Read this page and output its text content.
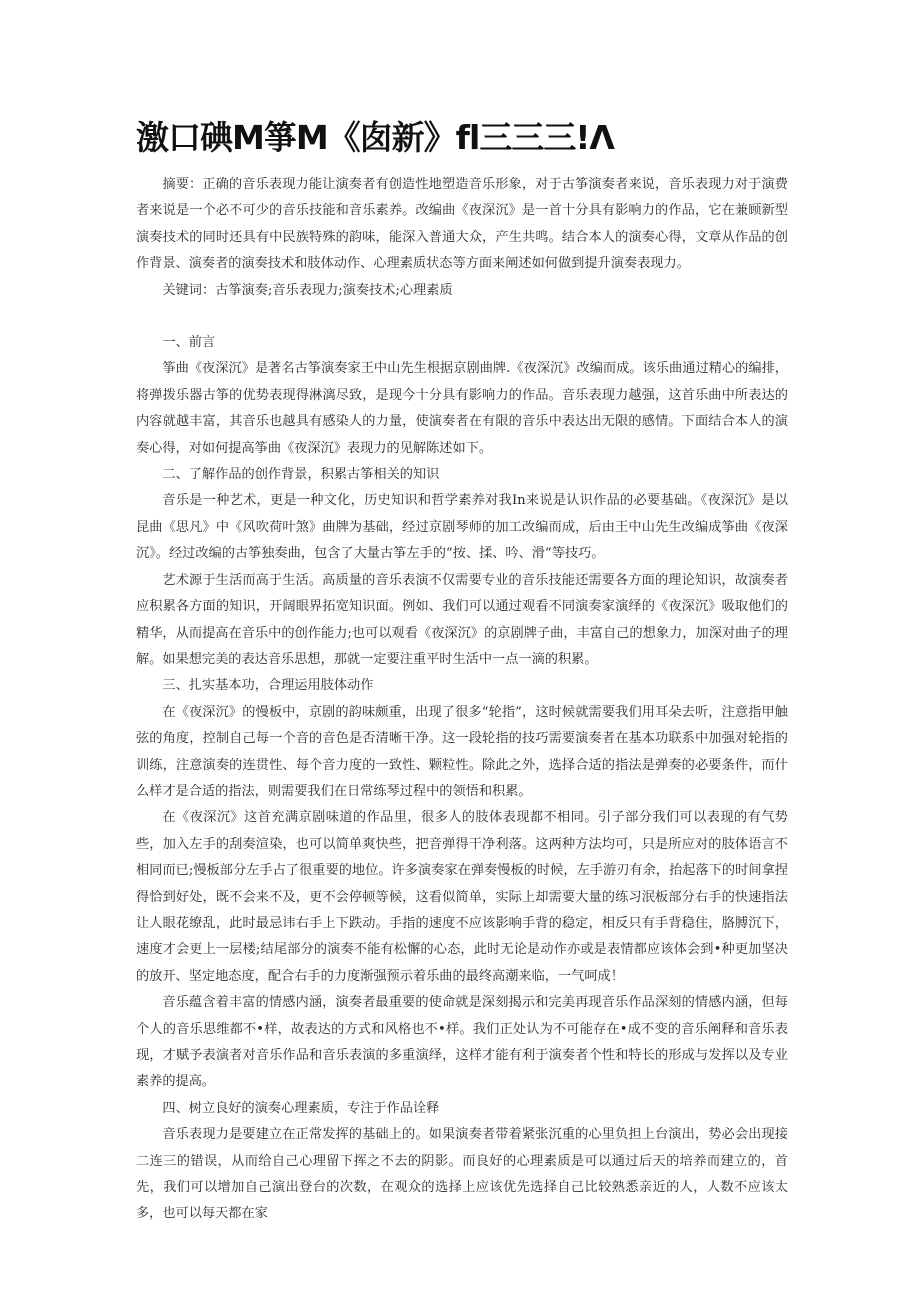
激口碘M箏M《囱新》fl三三三!Λ

摘要：正确的音乐表现力能让演奏者有创造性地塑造音乐形象，对于古筝演奏者来说，音乐表现力对于演费者来说是一个必不可少的音乐技能和音乐素养。改编曲《夜深沉》是一首十分具有影响力的作品，它在兼顾新型演奏技术的同时还具有中民族特殊的韵味，能深入普通大众，产生共鸣。结合本人的演奏心得，文章从作品的创作背景、演奏者的演奏技术和肢体动作、心理素质状态等方面来阐述如何做到提升演奏表现力。

关键词：古筝演奏;音乐表现力;演奏技术;心理素质

一、前言

筝曲《夜深沉》是著名古筝演奏家王中山先生根据京剧曲牌.《夜深沉》改编而成。该乐曲通过精心的编排，将弹拨乐器古筝的优势表现得淋漓尽致，是现今十分具有影响力的作品。音乐表现力越强，这首乐曲中所表达的内容就越丰富，其音乐也越具有感染人的力量，使演奏者在有限的音乐中表达出无限的感情。下面结合本人的演奏心得，对如何提高筝曲《夜深沉》表现力的见解陈述如下。

二、了解作品的创作背景，积累古筝相关的知识

音乐是一种艺术，更是一种文化，历史知识和哲学素养对我In来说是认识作品的必要基础。《夜深沉》是以昆曲《思凡》中《风吹荷叶煞》曲牌为基础，经过京剧琴师的加工改编而成，后由王中山先生改编成筝曲《夜深沉》。经过改编的古筝独奏曲，包含了大量古筝左手的“按、揉、吟、滑”等技巧。

艺术源于生活而高于生活。高质量的音乐表演不仅需要专业的音乐技能还需要各方面的理论知识，故演奏者应积累各方面的知识，开阔眼界拓宽知识面。例如、我们可以通过观看不同演奏家演绎的《夜深沉》吸取他们的精华，从而提高在音乐中的创作能力;也可以观看《夜深沉》的京剧牌子曲，丰富自己的想象力，加深对曲子的理解。如果想完美的表达音乐思想，那就一定要注重平时生活中一点一滴的积累。

三、扎实基本功，合理运用肢体动作

在《夜深沉》的慢板中，京剧的韵味颇重，出现了很多“轮指”，这时候就需要我们用耳朵去听，注意指甲触弦的角度，控制自己每一个音的音色是否清晰干净。这一段轮指的技巧需要演奏者在基本功联系中加强对轮指的训练，注意演奏的连贯性、每个音力度的一致性、颗粒性。除此之外，选择合适的指法是弹奏的必要条件，而什么样才是合适的指法，则需要我们在日常练琴过程中的领悟和积累。

在《夜深沉》这首充满京剧味道的作品里，很多人的肢体表现都不相同。引子部分我们可以表现的有气势些，加入左手的刮奏渲染，也可以简单爽快些，把音弹得干净利落。这两种方法均可，只是所应对的肢体语言不相同而已;慢板部分左手占了很重要的地位。许多演奏家在弹奏慢板的时候，左手游刃有余，抬起落下的时间拿捏得恰到好处，既不会来不及，更不会停顿等候，这看似简单，实际上却需要大量的练习泯板部分右手的快速指法让人眼花缭乱，此时最忌讳右手上下跌动。手指的速度不应该影响手背的稳定，相反只有手背稳住，胳膊沉下，速度才会更上一层楼;结尾部分的演奏不能有松懈的心态，此时无论是动作亦或是表情都应该体会到•种更加坚决的放开、坚定地态度，配合右手的力度渐强预示着乐曲的最终高潮来临，一气呵成！

音乐蕴含着丰富的情感内涵，演奏者最重要的使命就是深刻揭示和完美再现音乐作品深刻的情感内涵，但每个人的音乐思维都不•样，故表达的方式和风格也不•样。我们正处认为不可能存在•成不变的音乐阐释和音乐表现，才赋予表演者对音乐作品和音乐表演的多重演绎，这样才能有利于演奏者个性和特长的形成与发挥以及专业素养的提高。

四、树立良好的演奏心理素质，专注于作品诠释

音乐表现力是要建立在正常发挥的基础上的。如果演奏者带着紧张沉重的心里负担上台演出，势必会出现接二连三的错误，从而给自己心理留下挥之不去的阴影。而良好的心理素质是可以通过后天的培养而建立的，首先，我们可以增加自己演出登台的次数，在观众的选择上应该优先选择自己比较熟悉亲近的人，人数不应该太多，也可以每天都在家
